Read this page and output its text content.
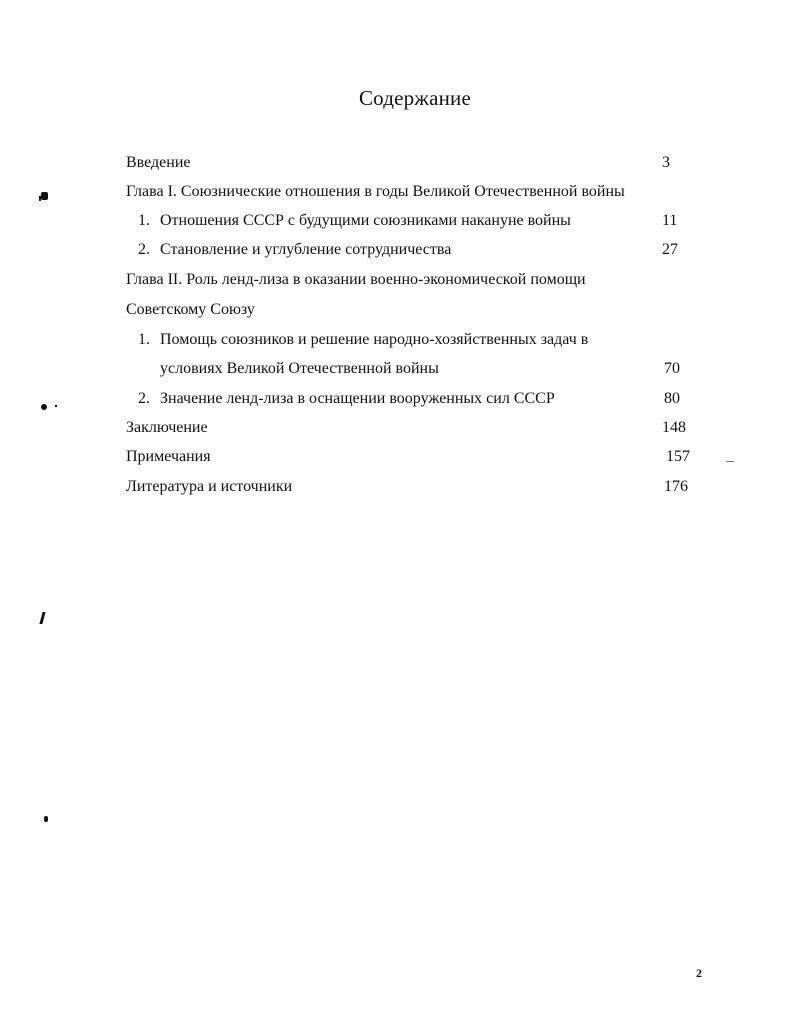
Содержание
Введение	3
Глава I. Союзнические отношения в годы Великой Отечественной войны
1. Отношения СССР с будущими союзниками накануне войны	11
2. Становление и углубление сотрудничества	27
Глава II. Роль ленд-лиза в оказании военно-экономической помощи
Советскому Союзу
1. Помощь союзников и решение народно-хозяйственных задач в
условиях Великой Отечественной войны	70
2. Значение ленд-лиза в оснащении вооруженных сил СССР	80
Заключение	148
Примечания	157
Литература и источники	176
2
